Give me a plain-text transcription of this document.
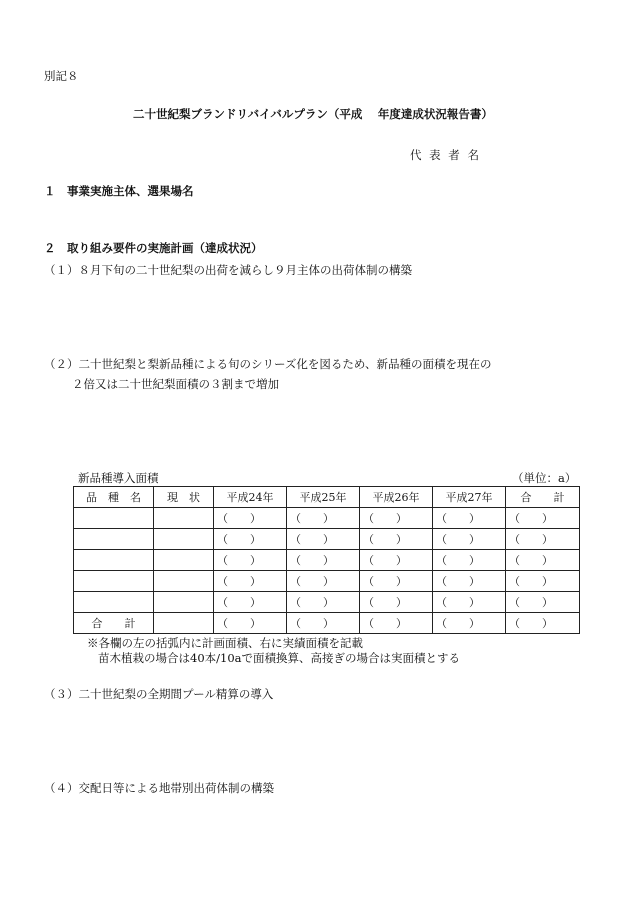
別記８
二十世紀梨ブランドリバイバルプラン（平成　 年度達成状況報告書）
代 表 者 名
１　事業実施主体、選果場名
２　取り組み要件の実施計画（達成状況）
（１）８月下旬の二十世紀梨の出荷を減らし９月主体の出荷体制の構築
（２）二十世紀梨と梨新品種による旬のシリーズ化を図るため、新品種の面積を現在の
２倍又は二十世紀梨面積の３割まで増加
新品種導入面積	（単位：a）
品　種　名	現　状	平成24年	平成25年	平成26年	平成27年	合　　計
		（　　）	（　　）	（　　）	（　　）	（　　）
		（　　）	（　　）	（　　）	（　　）	（　　）
		（　　）	（　　）	（　　）	（　　）	（　　）
		（　　）	（　　）	（　　）	（　　）	（　　）
		（　　）	（　　）	（　　）	（　　）	（　　）
合　　計		（　　）	（　　）	（　　）	（　　）	（　　）
※各欄の左の括弧内に計画面積、右に実績面積を記載
苗木植栽の場合は40本/10aで面積換算、高接ぎの場合は実面積とする
（３）二十世紀梨の全期間プール精算の導入
（４）交配日等による地帯別出荷体制の構築
